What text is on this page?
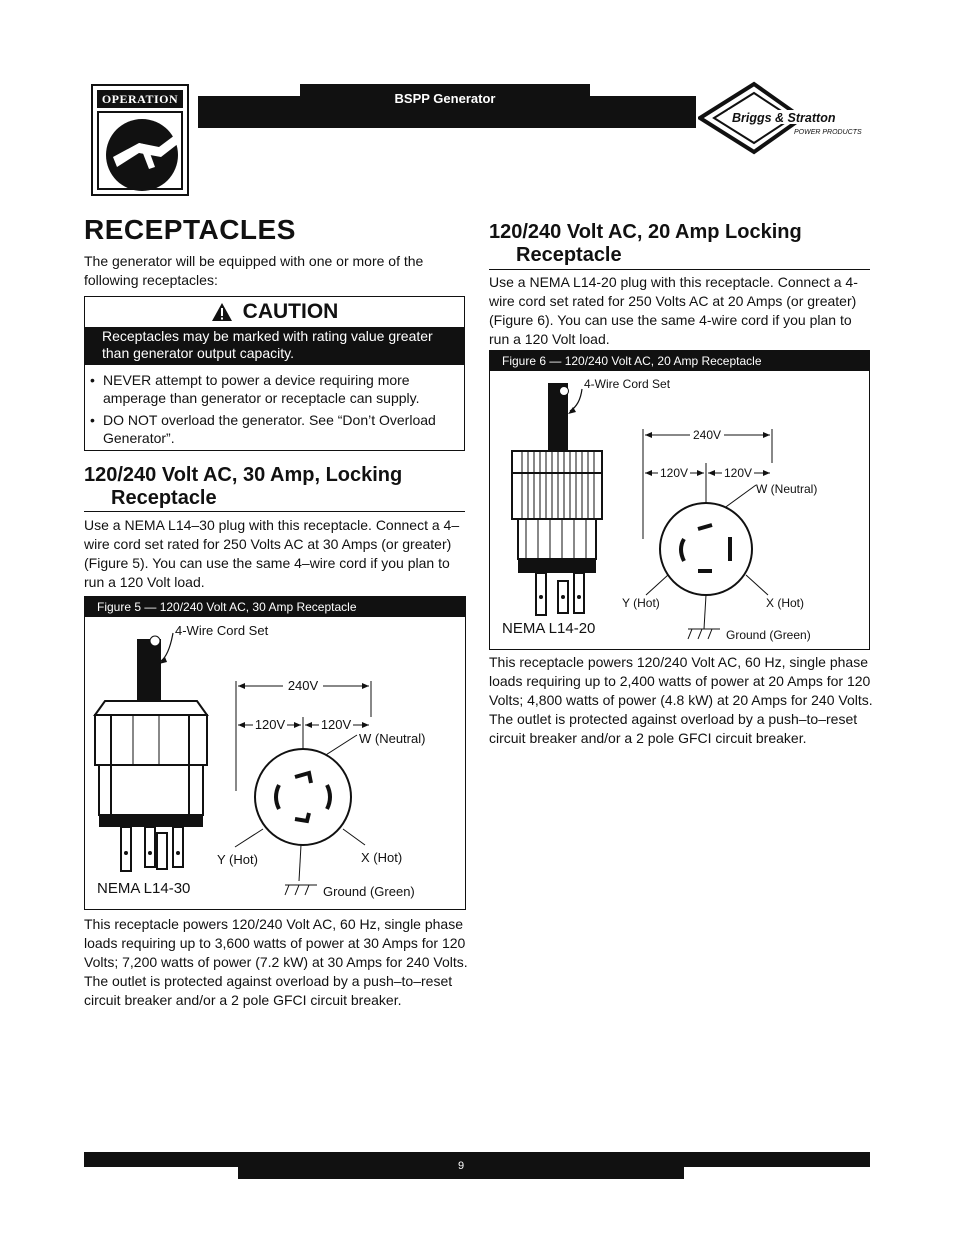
OPERATION	BSPP Generator
Briggs & Stratton
POWER PRODUCTS
RECEPTACLES

The generator will be equipped with one or more of the following receptacles:

CAUTION
Receptacles may be marked with rating value greater than generator output capacity.
• NEVER attempt to power a device requiring more amperage than generator or receptacle can supply.
• DO NOT overload the generator. See “Don’t Overload Generator”.
120/240 Volt AC, 30 Amp, Locking
Receptacle

Use a NEMA L14–30 plug with this receptacle. Connect a 4–wire cord set rated for 250 Volts AC at 30 Amps (or greater) (Figure 5). You can use the same 4–wire cord if you plan to run a 120 Volt load.

Figure 5 — 120/240 Volt AC, 30 Amp Receptacle
4-Wire Cord Set
240V
120V	120V
W (Neutral)
Y (Hot)	X (Hot)
Ground (Green)
NEMA L14-30

This receptacle powers 120/240 Volt AC, 60 Hz, single phase loads requiring up to 3,600 watts of power at 30 Amps for 120 Volts; 7,200 watts of power (7.2 kW) at 30 Amps for 240 Volts. The outlet is protected against overload by a push–to–reset circuit breaker and/or a 2 pole GFCI circuit breaker.

120/240 Volt AC, 20 Amp Locking
Receptacle

Use a NEMA L14-20 plug with this receptacle. Connect a 4-wire cord set rated for 250 Volts AC at 20 Amps (or greater) (Figure 6). You can use the same 4-wire cord if you plan to run a 120 Volt load.

Figure 6 — 120/240 Volt AC, 20 Amp Receptacle
4-Wire Cord Set
240V
120V	120V
W (Neutral)
Y (Hot)	X (Hot)
Ground (Green)
NEMA L14-20

This receptacle powers 120/240 Volt AC, 60 Hz, single phase loads requiring up to 2,400 watts of power at 20 Amps for 120 Volts; 4,800 watts of power (4.8 kW) at 20 Amps for 240 Volts. The outlet is protected against overload by a push–to–reset circuit breaker and/or a 2 pole GFCI circuit breaker.

9
